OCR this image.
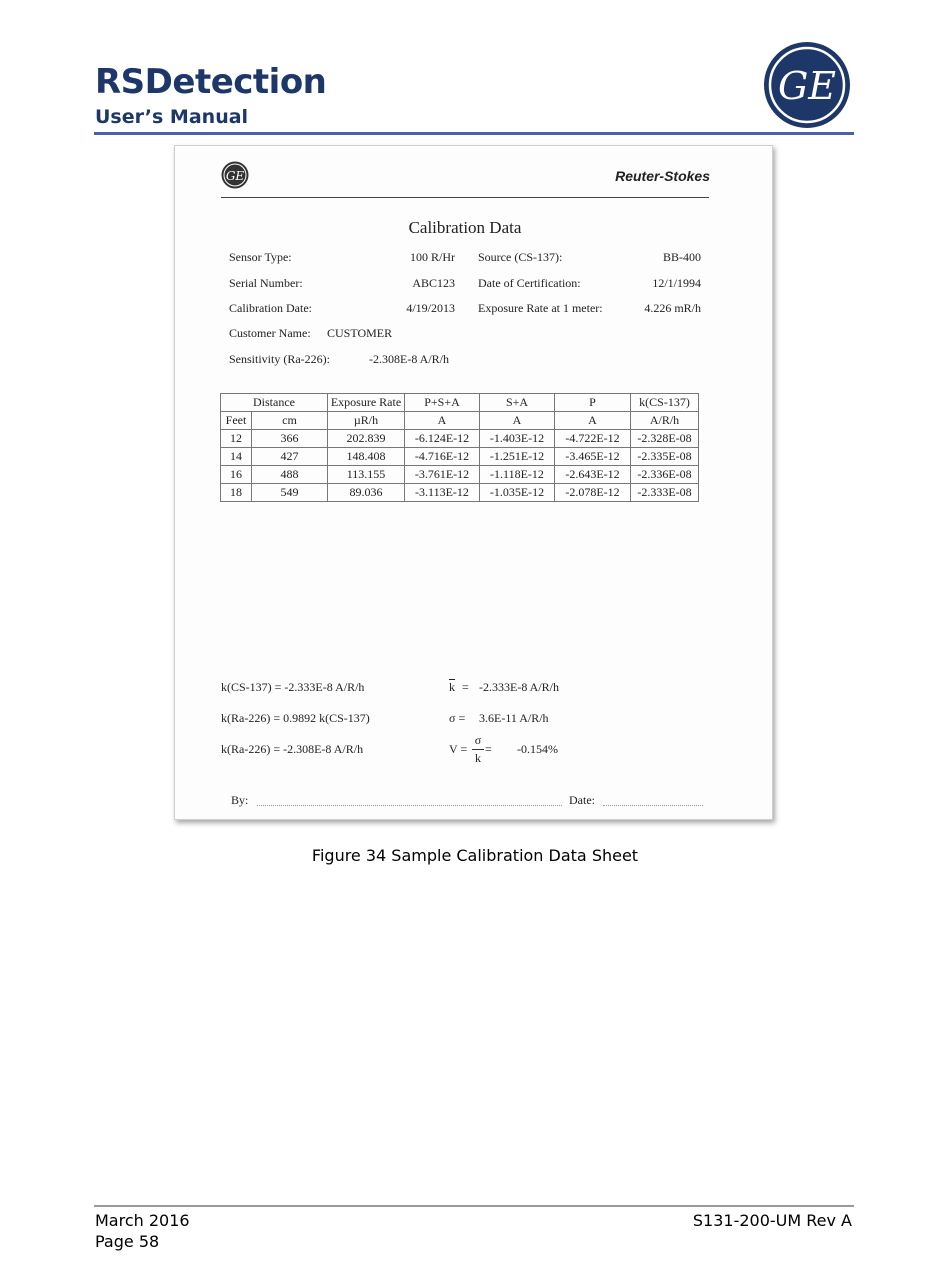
RSDetection
User’s Manual
GE
GE	Reuter-Stokes
Calibration Data
Sensor Type:	100 R/Hr Source (CS-137):	BB-400
Serial Number:	ABC123 Date of Certification:	12/1/1994
Calibration Date:	4/19/2013 Exposure Rate at 1 meter:	4.226 mR/h
Customer Name: CUSTOMER
Sensitivity (Ra-226):	-2.308E-8 A/R/h
Distance		Exposure Rate	P+S+A	S+A	P	k(CS-137)
Feet	cm	µR/h	A	A	A	A/R/h
12	366	202.839	-6.124E-12	-1.403E-12	-4.722E-12	-2.328E-08
14	427	148.408	-4.716E-12	-1.251E-12	-3.465E-12	-2.335E-08
16	488	113.155	-3.761E-12	-1.118E-12	-2.643E-12	-2.336E-08
18	549	89.036	-3.113E-12	-1.035E-12	-2.078E-12	-2.333E-08
k(CS-137) = -2.333E-8 A/R/h
k(Ra-226) = 0.9892 k(CS-137)
k(Ra-226) = -2.308E-8 A/R/h
$\overline{k} = -2.333E-8$ A/R/h
σ = 3.6E-11 A/R/h
V =
σ
k
= -0.154%
By:	Date:
Figure 34 Sample Calibration Data Sheet
March 2016
Page 58
S131-200-UM Rev A
